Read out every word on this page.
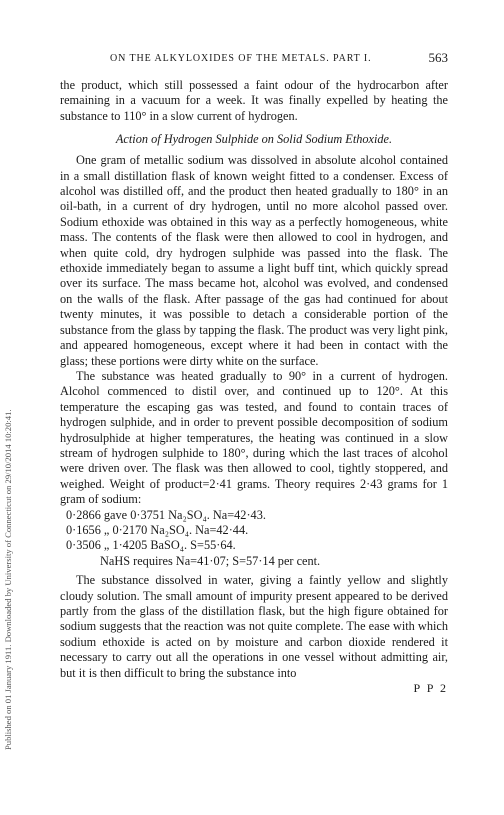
Published on 01 January 1911. Downloaded by University of Connecticut on 29/10/2014 10:20:41.
ON THE ALKYLOXIDES OF THE METALS. PART I.	563

the product, which still possessed a faint odour of the hydrocarbon after remaining in a vacuum for a week. It was finally expelled by heating the substance to 110° in a slow current of hydrogen.

Action of Hydrogen Sulphide on Solid Sodium Ethoxide.

One gram of metallic sodium was dissolved in absolute alcohol contained in a small distillation flask of known weight fitted to a condenser. Excess of alcohol was distilled off, and the product then heated gradually to 180° in an oil-bath, in a current of dry hydrogen, until no more alcohol passed over. Sodium ethoxide was obtained in this way as a perfectly homogeneous, white mass. The contents of the flask were then allowed to cool in hydrogen, and when quite cold, dry hydrogen sulphide was passed into the flask. The ethoxide immediately began to assume a light buff tint, which quickly spread over its surface. The mass became hot, alcohol was evolved, and condensed on the walls of the flask. After passage of the gas had continued for about twenty minutes, it was possible to detach a considerable portion of the substance from the glass by tapping the flask. The product was very light pink, and appeared homogeneous, except where it had been in contact with the glass; these portions were dirty white on the surface.

The substance was heated gradually to 90° in a current of hydrogen. Alcohol commenced to distil over, and continued up to 120°. At this temperature the escaping gas was tested, and found to contain traces of hydrogen sulphide, and in order to prevent possible decomposition of sodium hydrosulphide at higher temperatures, the heating was continued in a slow stream of hydrogen sulphide to 180°, during which the last traces of alcohol were driven over. The flask was then allowed to cool, tightly stoppered, and weighed. Weight of product=2·41 grams. Theory requires 2·43 grams for 1 gram of sodium:

0·2866 gave 0·3751 Na₂SO₄. Na=42·43.
0·1656 „ 0·2170 Na₂SO₄. Na=42·44.
0·3506 „ 1·4205 BaSO₄. S=55·64.
NaHS requires Na=41·07; S=57·14 per cent.

The substance dissolved in water, giving a faintly yellow and slightly cloudy solution. The small amount of impurity present appeared to be derived partly from the glass of the distillation flask, but the high figure obtained for sodium suggests that the reaction was not quite complete. The ease with which sodium ethoxide is acted on by moisture and carbon dioxide rendered it necessary to carry out all the operations in one vessel without admitting air, but it is then difficult to bring the substance into

P P 2
